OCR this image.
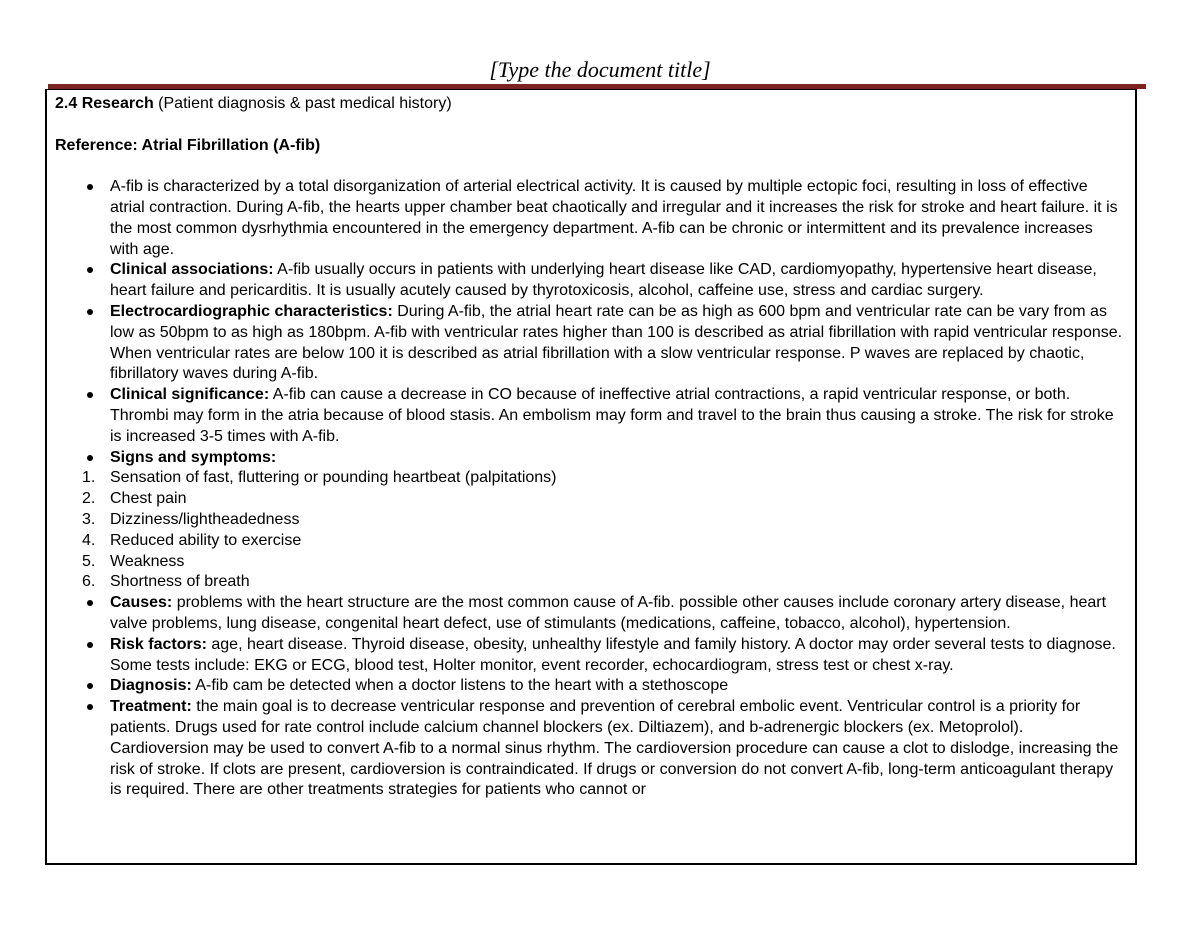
[Type the document title]

2.4 Research (Patient diagnosis & past medical history)

Reference: Atrial Fibrillation (A-fib)

A-fib is characterized by a total disorganization of arterial electrical activity. It is caused by multiple ectopic foci, resulting in loss of effective atrial contraction. During A-fib, the hearts upper chamber beat chaotically and irregular and it increases the risk for stroke and heart failure. it is the most common dysrhythmia encountered in the emergency department. A-fib can be chronic or intermittent and its prevalence increases with age.
Clinical associations: A-fib usually occurs in patients with underlying heart disease like CAD, cardiomyopathy, hypertensive heart disease, heart failure and pericarditis. It is usually acutely caused by thyrotoxicosis, alcohol, caffeine use, stress and cardiac surgery.
Electrocardiographic characteristics: During A-fib, the atrial heart rate can be as high as 600 bpm and ventricular rate can be vary from as low as 50bpm to as high as 180bpm. A-fib with ventricular rates higher than 100 is described as atrial fibrillation with rapid ventricular response. When ventricular rates are below 100 it is described as atrial fibrillation with a slow ventricular response. P waves are replaced by chaotic, fibrillatory waves during A-fib.
Clinical significance: A-fib can cause a decrease in CO because of ineffective atrial contractions, a rapid ventricular response, or both. Thrombi may form in the atria because of blood stasis. An embolism may form and travel to the brain thus causing a stroke. The risk for stroke is increased 3-5 times with A-fib.
Signs and symptoms:
1. Sensation of fast, fluttering or pounding heartbeat (palpitations)
2. Chest pain
3. Dizziness/lightheadedness
4. Reduced ability to exercise
5. Weakness
6. Shortness of breath
Causes: problems with the heart structure are the most common cause of A-fib. possible other causes include coronary artery disease, heart valve problems, lung disease, congenital heart defect, use of stimulants (medications, caffeine, tobacco, alcohol), hypertension.
Risk factors: age, heart disease. Thyroid disease, obesity, unhealthy lifestyle and family history. A doctor may order several tests to diagnose. Some tests include: EKG or ECG, blood test, Holter monitor, event recorder, echocardiogram, stress test or chest x-ray.
Diagnosis: A-fib cam be detected when a doctor listens to the heart with a stethoscope
Treatment: the main goal is to decrease ventricular response and prevention of cerebral embolic event. Ventricular control is a priority for patients. Drugs used for rate control include calcium channel blockers (ex. Diltiazem), and b-adrenergic blockers (ex. Metoprolol). Cardioversion may be used to convert A-fib to a normal sinus rhythm. The cardioversion procedure can cause a clot to dislodge, increasing the risk of stroke. If clots are present, cardioversion is contraindicated. If drugs or conversion do not convert A-fib, long-term anticoagulant therapy is required. There are other treatments strategies for patients who cannot or
